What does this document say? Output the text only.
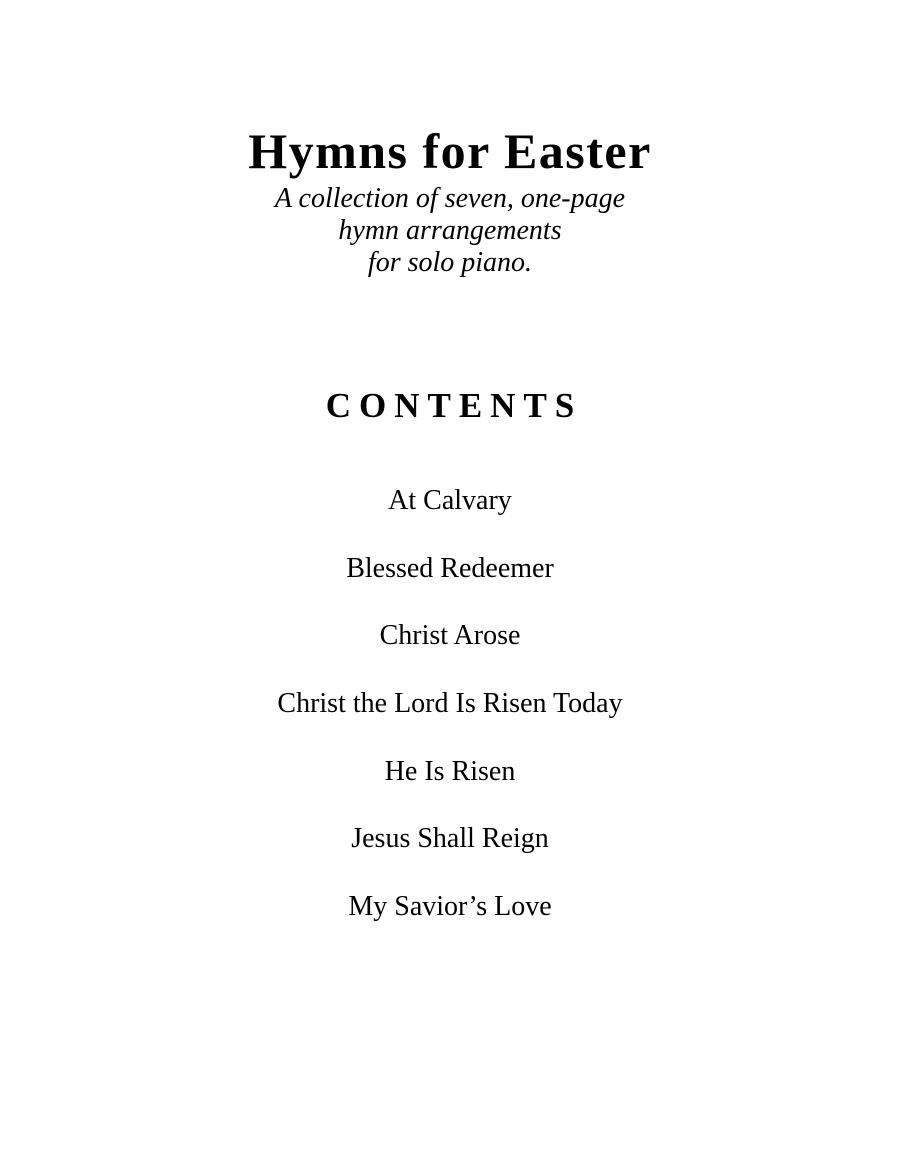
Hymns for Easter
A collection of seven, one-page
hymn arrangements
for solo piano.
CONTENTS
At Calvary
Blessed Redeemer
Christ Arose
Christ the Lord Is Risen Today
He Is Risen
Jesus Shall Reign
My Savior’s Love
